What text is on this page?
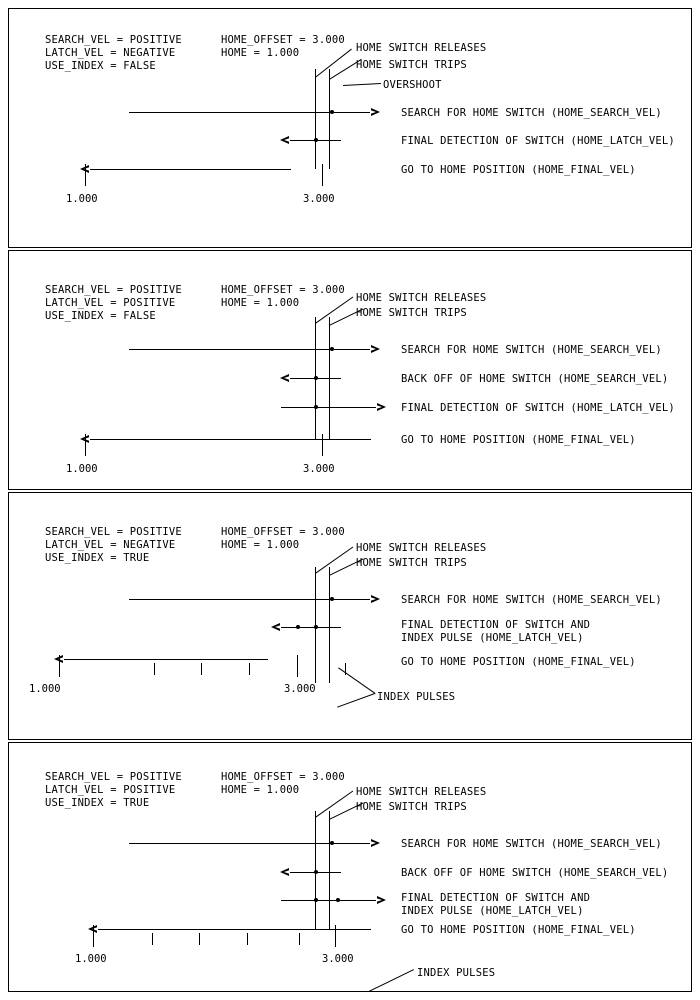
SEARCH_VEL = POSITIVE
LATCH_VEL = NEGATIVE
USE_INDEX = FALSE
HOME_OFFSET = 3.000
HOME = 1.000	HOME SWITCH RELEASES
HOME SWITCH TRIPS
OVERSHOOT
SEARCH FOR HOME SWITCH (HOME_SEARCH_VEL)
FINAL DETECTION OF SWITCH (HOME_LATCH_VEL)
GO TO HOME POSITION (HOME_FINAL_VEL)
1.000	3.000
SEARCH_VEL = POSITIVE
LATCH_VEL = POSITIVE
USE_INDEX = FALSE
HOME_OFFSET = 3.000
HOME = 1.000	HOME SWITCH RELEASES
HOME SWITCH TRIPS
SEARCH FOR HOME SWITCH (HOME_SEARCH_VEL)
BACK OFF OF HOME SWITCH (HOME_SEARCH_VEL)
FINAL DETECTION OF SWITCH (HOME_LATCH_VEL)
GO TO HOME POSITION (HOME_FINAL_VEL)
1.000	3.000
SEARCH_VEL = POSITIVE
LATCH_VEL = NEGATIVE
USE_INDEX = TRUE
HOME_OFFSET = 3.000
HOME = 1.000	HOME SWITCH RELEASES
HOME SWITCH TRIPS
SEARCH FOR HOME SWITCH (HOME_SEARCH_VEL)
FINAL DETECTION OF SWITCH AND
INDEX PULSE (HOME_LATCH_VEL)
GO TO HOME POSITION (HOME_FINAL_VEL)
1.000	3.000
INDEX PULSES
SEARCH_VEL = POSITIVE
LATCH_VEL = POSITIVE
USE_INDEX = TRUE
HOME_OFFSET = 3.000
HOME = 1.000	HOME SWITCH RELEASES
HOME SWITCH TRIPS
SEARCH FOR HOME SWITCH (HOME_SEARCH_VEL)
BACK OFF OF HOME SWITCH (HOME_SEARCH_VEL)
FINAL DETECTION OF SWITCH AND
INDEX PULSE (HOME_LATCH_VEL)
GO TO HOME POSITION (HOME_FINAL_VEL)
1.000	3.000
INDEX PULSES
